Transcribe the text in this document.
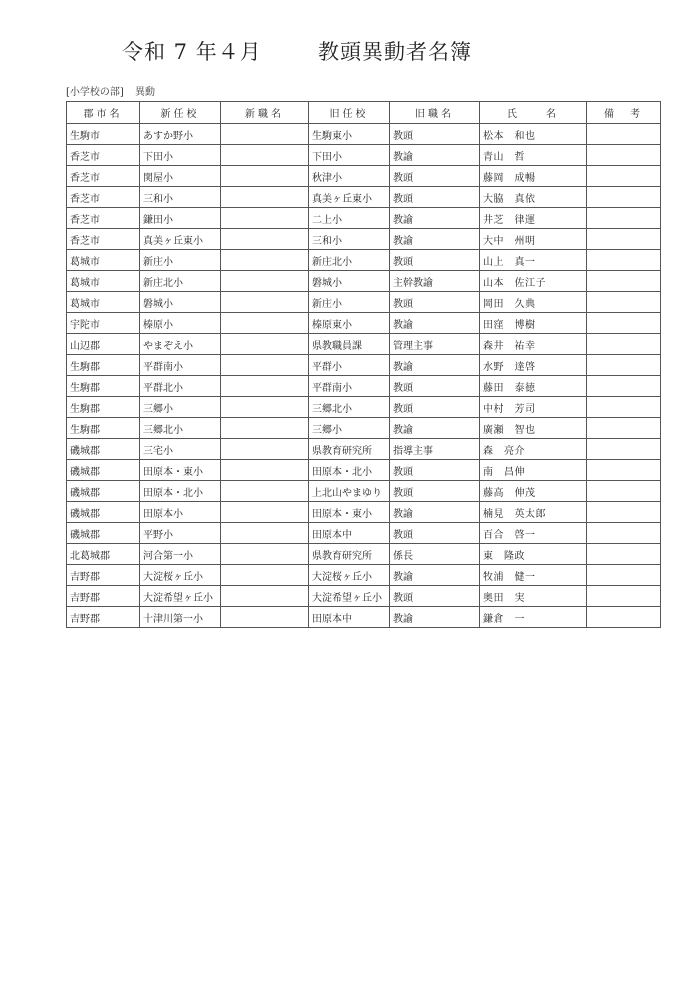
令和 7 年４月

	教頭異動者名簿

[小学校の部] 異動
郡市名	新任校	新職名	旧任校	旧職名	氏　　名	備　考
生駒市	あすか野小		生駒東小	教頭	松本　和也	
香芝市	下田小		下田小	教諭	青山　哲	
香芝市	関屋小		秋津小	教頭	藤岡　成暢	
香芝市	三和小		真美ヶ丘東小	教頭	大脇　真依	
香芝市	鎌田小		二上小	教諭	井芝　律運	
香芝市	真美ヶ丘東小		三和小	教諭	大中　州明	
葛城市	新庄小		新庄北小	教頭	山上　真一	
葛城市	新庄北小		磐城小	主幹教諭	山本　佐江子	
葛城市	磐城小		新庄小	教頭	岡田　久典	
宇陀市	榛原小		榛原東小	教諭	田窪　博樹	
山辺郡	やまぞえ小		県教職員課	管理主事	森井　祐幸	
生駒郡	平群南小		平群小	教諭	水野　達啓	
生駒郡	平群北小		平群南小	教頭	藤田　泰徳	
生駒郡	三郷小		三郷北小	教頭	中村　芳司	
生駒郡	三郷北小		三郷小	教諭	廣瀬　智也	
磯城郡	三宅小		県教育研究所	指導主事	森　亮介	
磯城郡	田原本・東小		田原本・北小	教頭	南　昌伸	
磯城郡	田原本・北小		上北山やまゆり	教頭	藤高　伸茂	
磯城郡	田原本小		田原本・東小	教諭	楠見　英太郎	
磯城郡	平野小		田原本中	教頭	百合　啓一	
北葛城郡	河合第一小		県教育研究所	係長	東　隆政	
吉野郡	大淀桜ヶ丘小		大淀桜ヶ丘小	教諭	牧浦　健一	
吉野郡	大淀希望ヶ丘小		大淀希望ヶ丘小	教頭	奥田　実	
吉野郡	十津川第一小		田原本中	教諭	鎌倉　一	
